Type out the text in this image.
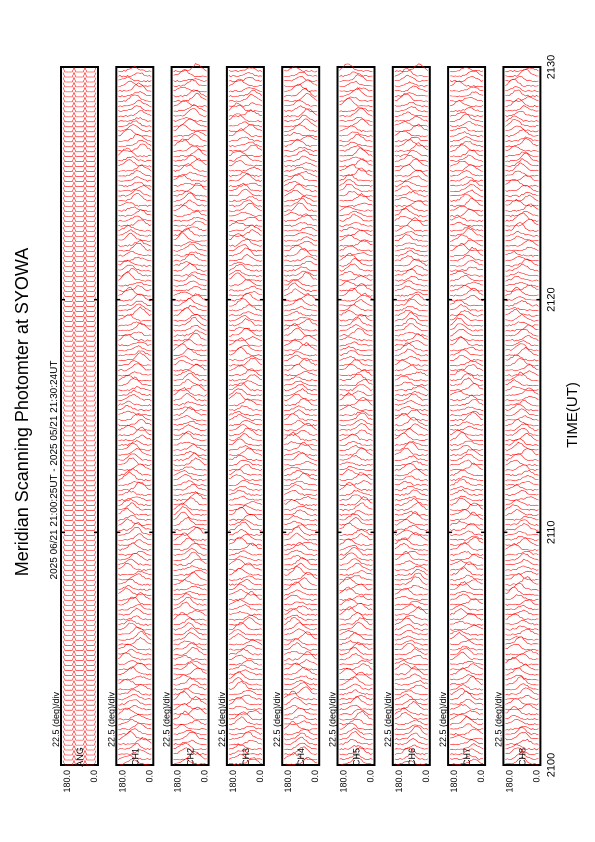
Meridian Scanning Photomter at SYOWA 2025 06/21 21:00:25UT - 2025 05/21 21:30:24UT	TIME(UT)
180.0 0.0
ANG
22.5 (deg)/div
180.0 0.0
CH1
22.5 (deg)/div
180.0 0.0
CH2
22.5 (deg)/div
180.0 0.0
CH3
22.5 (deg)/div
180.0 0.0
CH4
22.5 (deg)/div
180.0 0.0
CH5
22.5 (deg)/div
180.0 0.0
CH6
22.5 (deg)/div
180.0 0.0
CH7
22.5 (deg)/div
180.0 0.0
CH8
22.5 (deg)/div
2100
2110
2120
2130
